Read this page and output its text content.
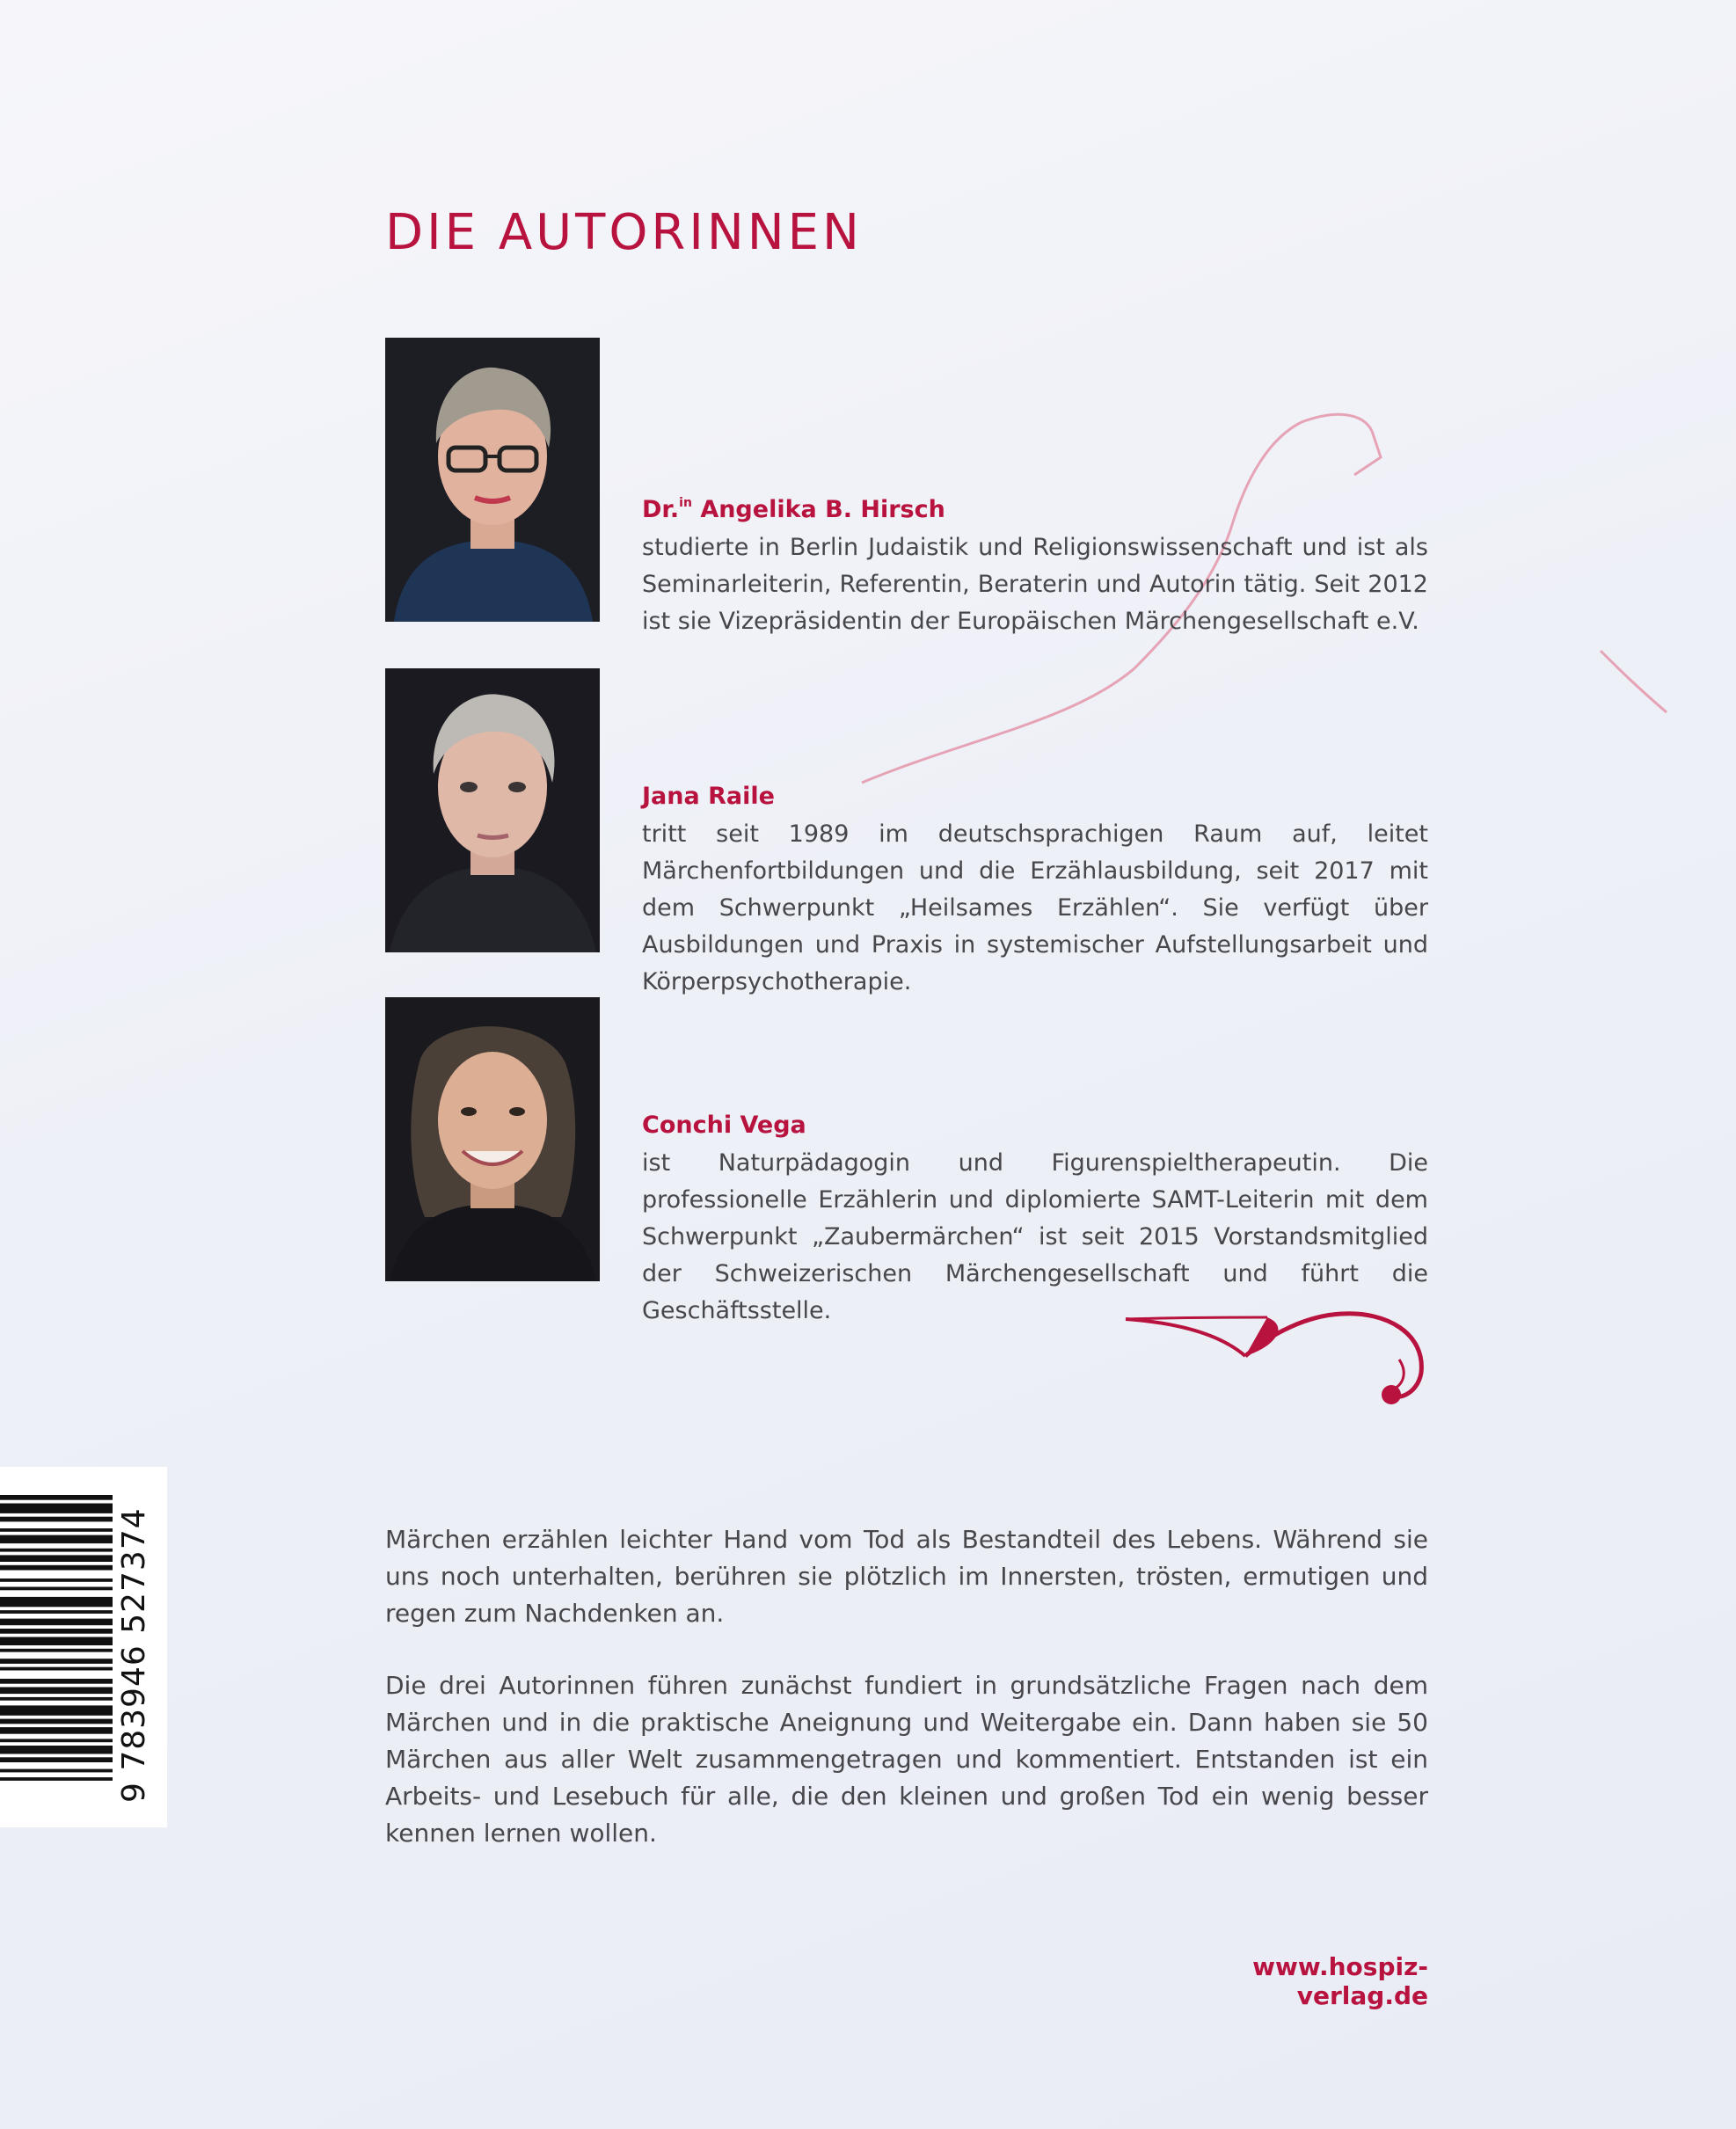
DIE AUTORINNEN

Dr.$^{in}$ Angelika B. Hirsch

studierte in Berlin Judaistik und Religionswissenschaft und ist als Seminarleiterin, Referentin, Beraterin und Autorin tätig. Seit 2012 ist sie Vizepräsidentin der Europäischen Märchengesellschaft e.V.

Jana Raile

tritt seit 1989 im deutschsprachigen Raum auf, leitet Märchenfortbildungen und die Erzählausbildung, seit 2017 mit dem Schwerpunkt „Heilsames Erzählen“. Sie verfügt über Ausbildungen und Praxis in systemischer Aufstellungsarbeit und Körperpsychotherapie.

Conchi Vega

ist Naturpädagogin und Figurenspieltherapeutin. Die professionelle Erzählerin und diplomierte SAMT-Leiterin mit dem Schwerpunkt „Zaubermärchen“ ist seit 2015 Vorstandsmitglied der Schweizerischen Märchengesellschaft und führt die Geschäftsstelle.

Märchen erzählen leichter Hand vom Tod als Bestandteil des Lebens. Während sie uns noch unterhalten, berühren sie plötzlich im Innersten, trösten, ermutigen und regen zum Nachdenken an.

Die drei Autorinnen führen zunächst fundiert in grundsätzliche Fragen nach dem Märchen und in die praktische Aneignung und Weitergabe ein. Dann haben sie 50 Märchen aus aller Welt zusammengetragen und kommentiert. Entstanden ist ein Arbeits- und Lesebuch für alle, die den kleinen und großen Tod ein wenig besser kennen lernen wollen.

9 783946 527374
www.hospiz-verlag.de
